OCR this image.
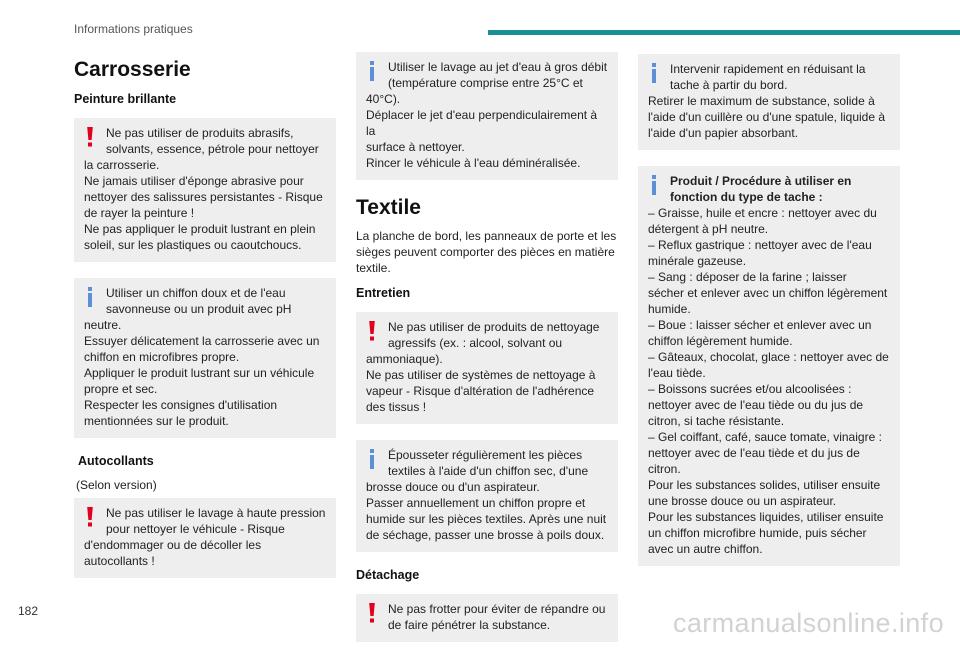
Informations pratiques
Carrosserie
Peinture brillante
Ne pas utiliser de produits abrasifs,
solvants, essence, pétrole pour nettoyer
la carrosserie.
Ne jamais utiliser d'éponge abrasive pour
nettoyer des salissures persistantes - Risque
de rayer la peinture !
Ne pas appliquer le produit lustrant en plein
soleil, sur les plastiques ou caoutchoucs.
Utiliser un chiffon doux et de l'eau
savonneuse ou un produit avec pH
neutre.
Essuyer délicatement la carrosserie avec un
chiffon en microfibres propre.
Appliquer le produit lustrant sur un véhicule
propre et sec.
Respecter les consignes d'utilisation
mentionnées sur le produit.
Autocollants
(Selon version)
Ne pas utiliser le lavage à haute pression
pour nettoyer le véhicule - Risque
d'endommager ou de décoller les
autocollants !
Utiliser le lavage au jet d'eau à gros débit
(température comprise entre 25°C et
40°C).
Déplacer le jet d'eau perpendiculairement à la
surface à nettoyer.
Rincer le véhicule à l'eau déminéralisée.
Textile
La planche de bord, les panneaux de porte et les
sièges peuvent comporter des pièces en matière
textile.
Entretien
Ne pas utiliser de produits de nettoyage
agressifs (ex. : alcool, solvant ou
ammoniaque).
Ne pas utiliser de systèmes de nettoyage à
vapeur - Risque d'altération de l'adhérence
des tissus !
Épousseter régulièrement les pièces
textiles à l'aide d'un chiffon sec, d'une
brosse douce ou d'un aspirateur.
Passer annuellement un chiffon propre et
humide sur les pièces textiles. Après une nuit
de séchage, passer une brosse à poils doux.
Détachage
Ne pas frotter pour éviter de répandre ou
de faire pénétrer la substance.
Intervenir rapidement en réduisant la
tache à partir du bord.
Retirer le maximum de substance, solide à
l'aide d'un cuillère ou d'une spatule, liquide à
l'aide d'un papier absorbant.
Produit / Procédure à utiliser en
fonction du type de tache :
– Graisse, huile et encre : nettoyer avec du
détergent à pH neutre.
– Reflux gastrique : nettoyer avec de l'eau
minérale gazeuse.
– Sang : déposer de la farine ; laisser
sécher et enlever avec un chiffon légèrement
humide.
– Boue : laisser sécher et enlever avec un
chiffon légèrement humide.
– Gâteaux, chocolat, glace : nettoyer avec de
l'eau tiède.
– Boissons sucrées et/ou alcoolisées :
nettoyer avec de l'eau tiède ou du jus de
citron, si tache résistante.
– Gel coiffant, café, sauce tomate, vinaigre :
nettoyer avec de l'eau tiède et du jus de
citron.
Pour les substances solides, utiliser ensuite
une brosse douce ou un aspirateur.
Pour les substances liquides, utiliser ensuite
un chiffon microfibre humide, puis sécher
avec un autre chiffon.
182	carmanualsonline.info
